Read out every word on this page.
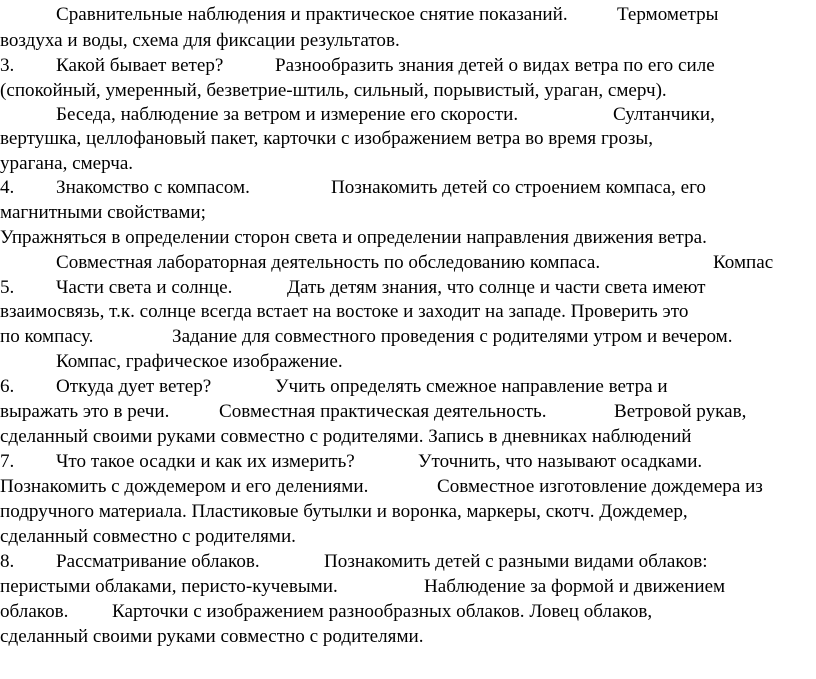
Сравнительные наблюдения и практическое снятие показаний.	Термометры
воздуха и воды, схема для фиксации результатов.
3.	Какой бывает ветер?	Разнообразить знания детей о видах ветра по его силе
(спокойный, умеренный, безветрие-штиль, сильный, порывистый, ураган, смерч).
Беседа, наблюдение за ветром и измерение его скорости.	Султанчики,
вертушка, целлофановый пакет, карточки с изображением ветра во время грозы,
урагана, смерча.
4.	Знакомство с компасом.	Познакомить детей со строением компаса, его
магнитными свойствами;
Упражняться в определении сторон света и определении направления движения ветра.
Совместная лабораторная деятельность по обследованию компаса.	Компас
5.	Части света и солнце.	Дать детям знания, что солнце и части света имеют
взаимосвязь, т.к. солнце всегда встает на востоке и заходит на западе. Проверить это
по компасу.	Задание для совместного проведения с родителями утром и вечером.
Компас, графическое изображение.
6.	Откуда дует ветер?	Учить определять смежное направление ветра и
выражать это в речи.	Совместная практическая деятельность.	Ветровой рукав,
сделанный своими руками совместно с родителями. Запись в дневниках наблюдений
7.	Что такое осадки и как их измерить?	Уточнить, что называют осадками.
Познакомить с дождемером и его делениями.	Совместное изготовление дождемера из
подручного материала. Пластиковые бутылки и воронка, маркеры, скотч. Дождемер,
сделанный совместно с родителями.
8.	Рассматривание облаков.	Познакомить детей с разными видами облаков:
перистыми облаками, перисто-кучевыми.	Наблюдение за формой и движением
облаков.	Карточки с изображением разнообразных облаков. Ловец облаков,
сделанный своими руками совместно с родителями.
